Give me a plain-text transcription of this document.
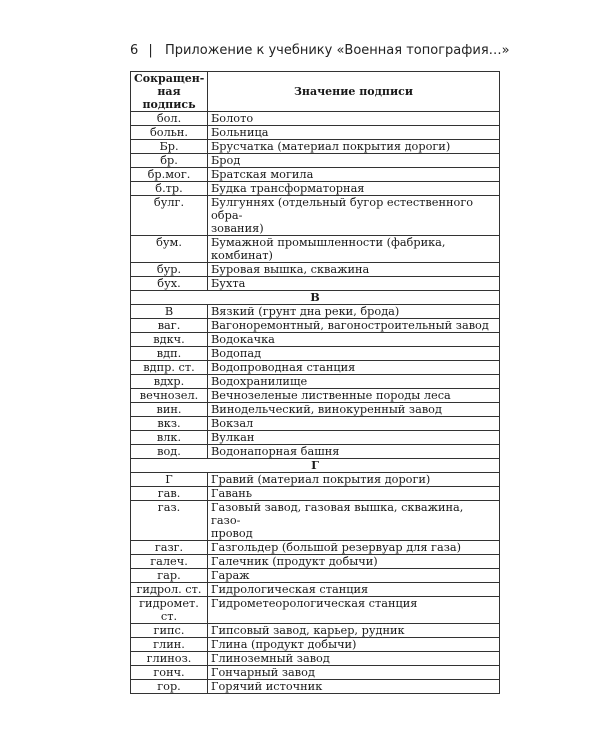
6 | Приложение к учебнику «Военная топография…»
Сокращен-
ная подпись	Значение подписи
бол.	Болото
больн.	Больница
Бр.	Брусчатка (материал покрытия дороги)
бр.	Брод
бр.мог.	Братская могила
б.тр.	Будка трансформаторная
булг.	Булгуннях (отдельный бугор естественного обра-
зования)
бум.	Бумажной промышленности (фабрика, комбинат)
бур.	Буровая вышка, скважина
бух.	Бухта
В	
В	Вязкий (грунт дна реки, брода)
ваг.	Вагоноремонтный, вагоностроительный завод
вдкч.	Водокачка
вдп.	Водопад
вдпр. ст.	Водопроводная станция
вдхр.	Водохранилище
вечнозел.	Вечнозеленые лиственные породы леса
вин.	Винодельческий, винокуренный завод
вкз.	Вокзал
влк.	Вулкан
вод.	Водонапорная башня
Г	
Г	Гравий (материал покрытия дороги)
гав.	Гавань
газ.	Газовый завод, газовая вышка, скважина, газо-
провод
газг.	Газгольдер (большой резервуар для газа)
галеч.	Галечник (продукт добычи)
гар.	Гараж
гидрол. ст.	Гидрологическая станция
гидромет. ст.	Гидрометеорологическая станция
гипс.	Гипсовый завод, карьер, рудник
глин.	Глина (продукт добычи)
глиноз.	Глиноземный завод
гонч.	Гончарный завод
гор.	Горячий источник
